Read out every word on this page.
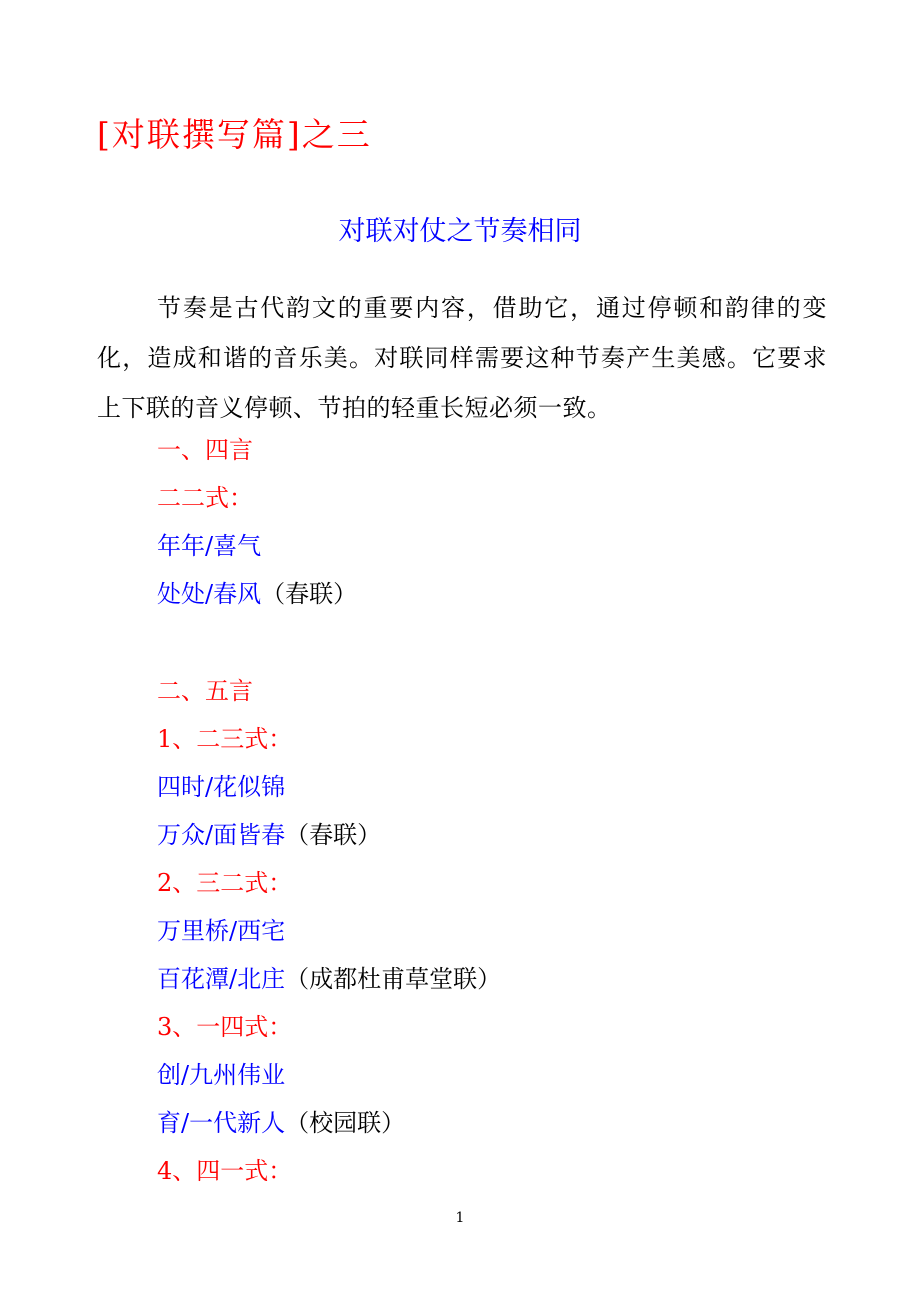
[对联撰写篇]之三
对联对仗之节奏相同

节奏是古代韵文的重要内容，借助它，通过停顿和韵律的变化，造成和谐的音乐美。对联同样需要这种节奏产生美感。它要求上下联的音义停顿、节拍的轻重长短必须一致。

一、四言
二二式：
年年/喜气
处处/春风（春联）
二、五言
1、二三式：
四时/花似锦
万众/面皆春（春联）
2、三二式：
万里桥/西宅
百花潭/北庄（成都杜甫草堂联）
3、一四式：
创/九州伟业
育/一代新人（校园联）
4、四一式：
1
